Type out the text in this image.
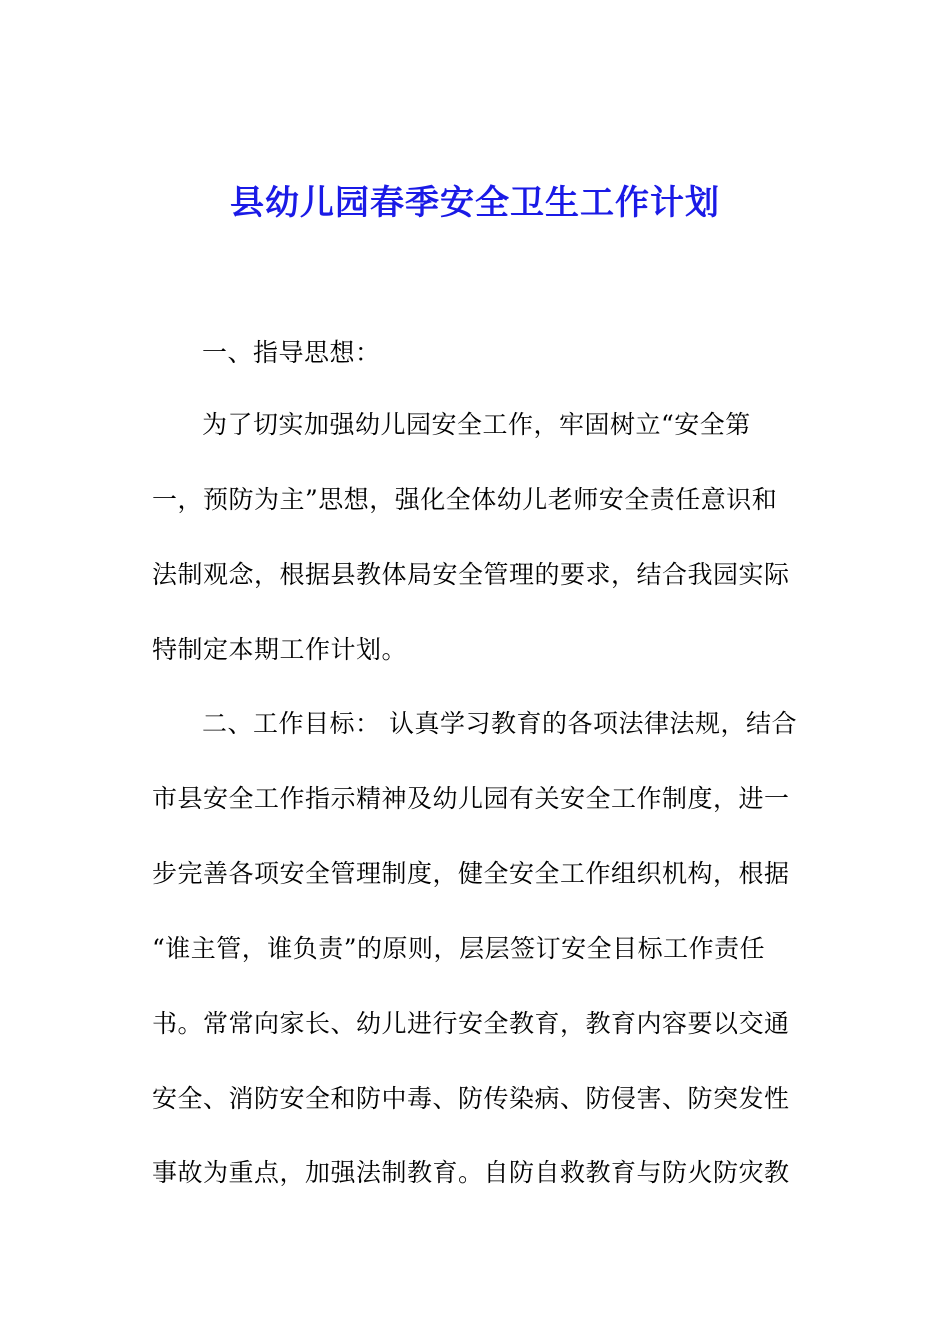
县幼儿园春季安全卫生工作计划
一、指导思想：
为了切实加强幼儿园安全工作，牢固树立“安全第
一，预防为主”思想，强化全体幼儿老师安全责任意识和
法制观念，根据县教体局安全管理的要求，结合我园实际
特制定本期工作计划。
二、工作目标： 认真学习教育的各项法律法规，结合
市县安全工作指示精神及幼儿园有关安全工作制度，进一
步完善各项安全管理制度，健全安全工作组织机构，根据
“谁主管，谁负责”的原则，层层签订安全目标工作责任
书。常常向家长、幼儿进行安全教育，教育内容要以交通
安全、消防安全和防中毒、防传染病、防侵害、防突发性
事故为重点，加强法制教育。自防自救教育与防火防灾教
